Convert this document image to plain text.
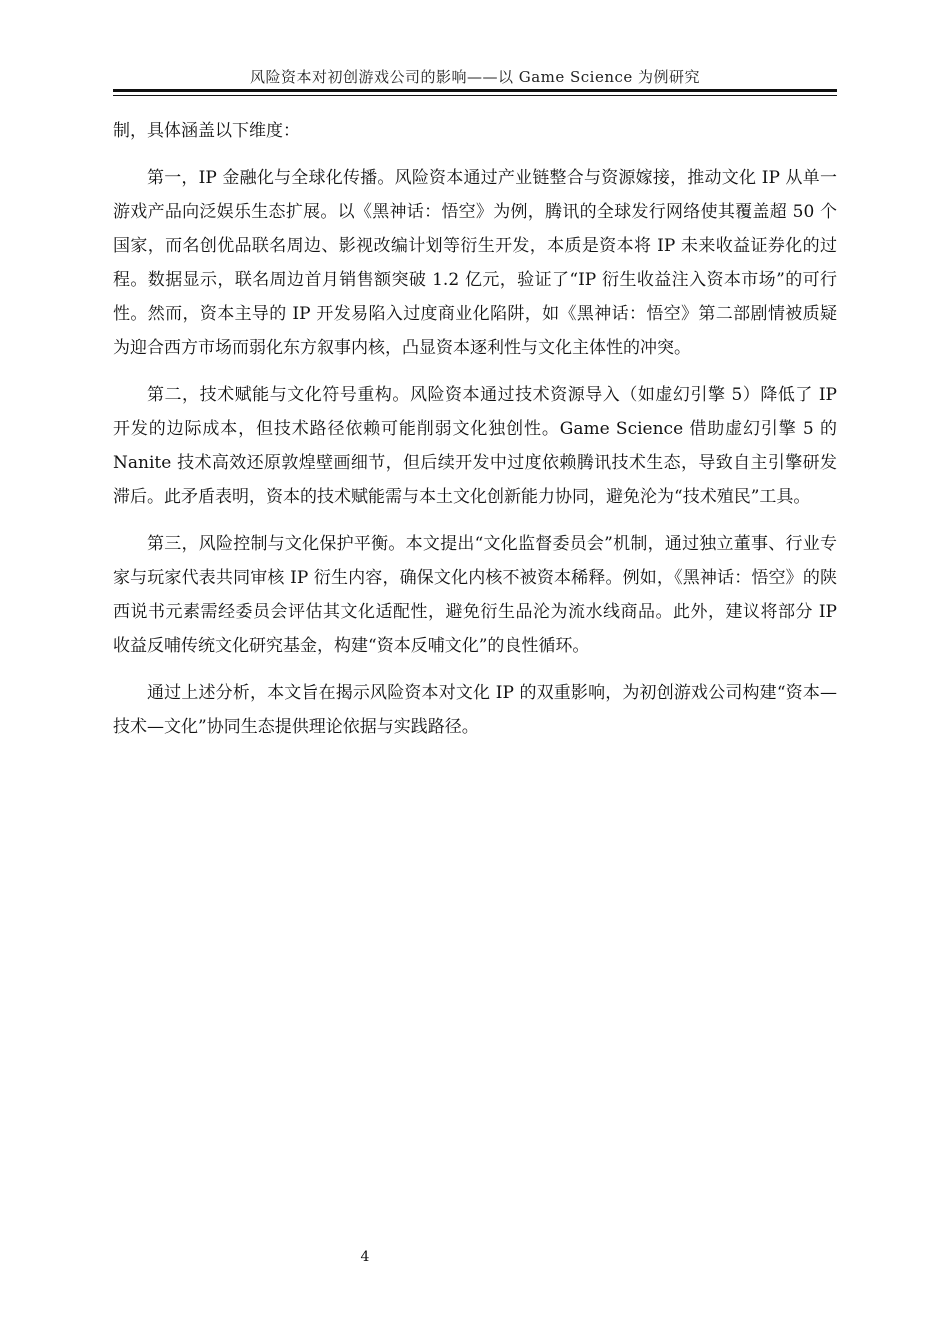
风险资本对初创游戏公司的影响——以 Game Science 为例研究

制，具体涵盖以下维度：

第一，IP 金融化与全球化传播。风险资本通过产业链整合与资源嫁接，推动文化 IP 从单一游戏产品向泛娱乐生态扩展。以《黑神话：悟空》为例，腾讯的全球发行网络使其覆盖超 50 个国家，而名创优品联名周边、影视改编计划等衍生开发，本质是资本将 IP 未来收益证券化的过程。数据显示，联名周边首月销售额突破 1.2 亿元，验证了“IP 衍生收益注入资本市场”的可行性。然而，资本主导的 IP 开发易陷入过度商业化陷阱，如《黑神话：悟空》第二部剧情被质疑为迎合西方市场而弱化东方叙事内核，凸显资本逐利性与文化主体性的冲突。

第二，技术赋能与文化符号重构。风险资本通过技术资源导入（如虚幻引擎 5）降低了 IP 开发的边际成本，但技术路径依赖可能削弱文化独创性。Game Science 借助虚幻引擎 5 的 Nanite 技术高效还原敦煌壁画细节，但后续开发中过度依赖腾讯技术生态，导致自主引擎研发滞后。此矛盾表明，资本的技术赋能需与本土文化创新能力协同，避免沦为“技术殖民”工具。

第三，风险控制与文化保护平衡。本文提出“文化监督委员会”机制，通过独立董事、行业专家与玩家代表共同审核 IP 衍生内容，确保文化内核不被资本稀释。例如，《黑神话：悟空》的陕西说书元素需经委员会评估其文化适配性，避免衍生品沦为流水线商品。此外，建议将部分 IP 收益反哺传统文化研究基金，构建“资本反哺文化”的良性循环。

通过上述分析，本文旨在揭示风险资本对文化 IP 的双重影响，为初创游戏公司构建“资本—技术—文化”协同生态提供理论依据与实践路径。

4
